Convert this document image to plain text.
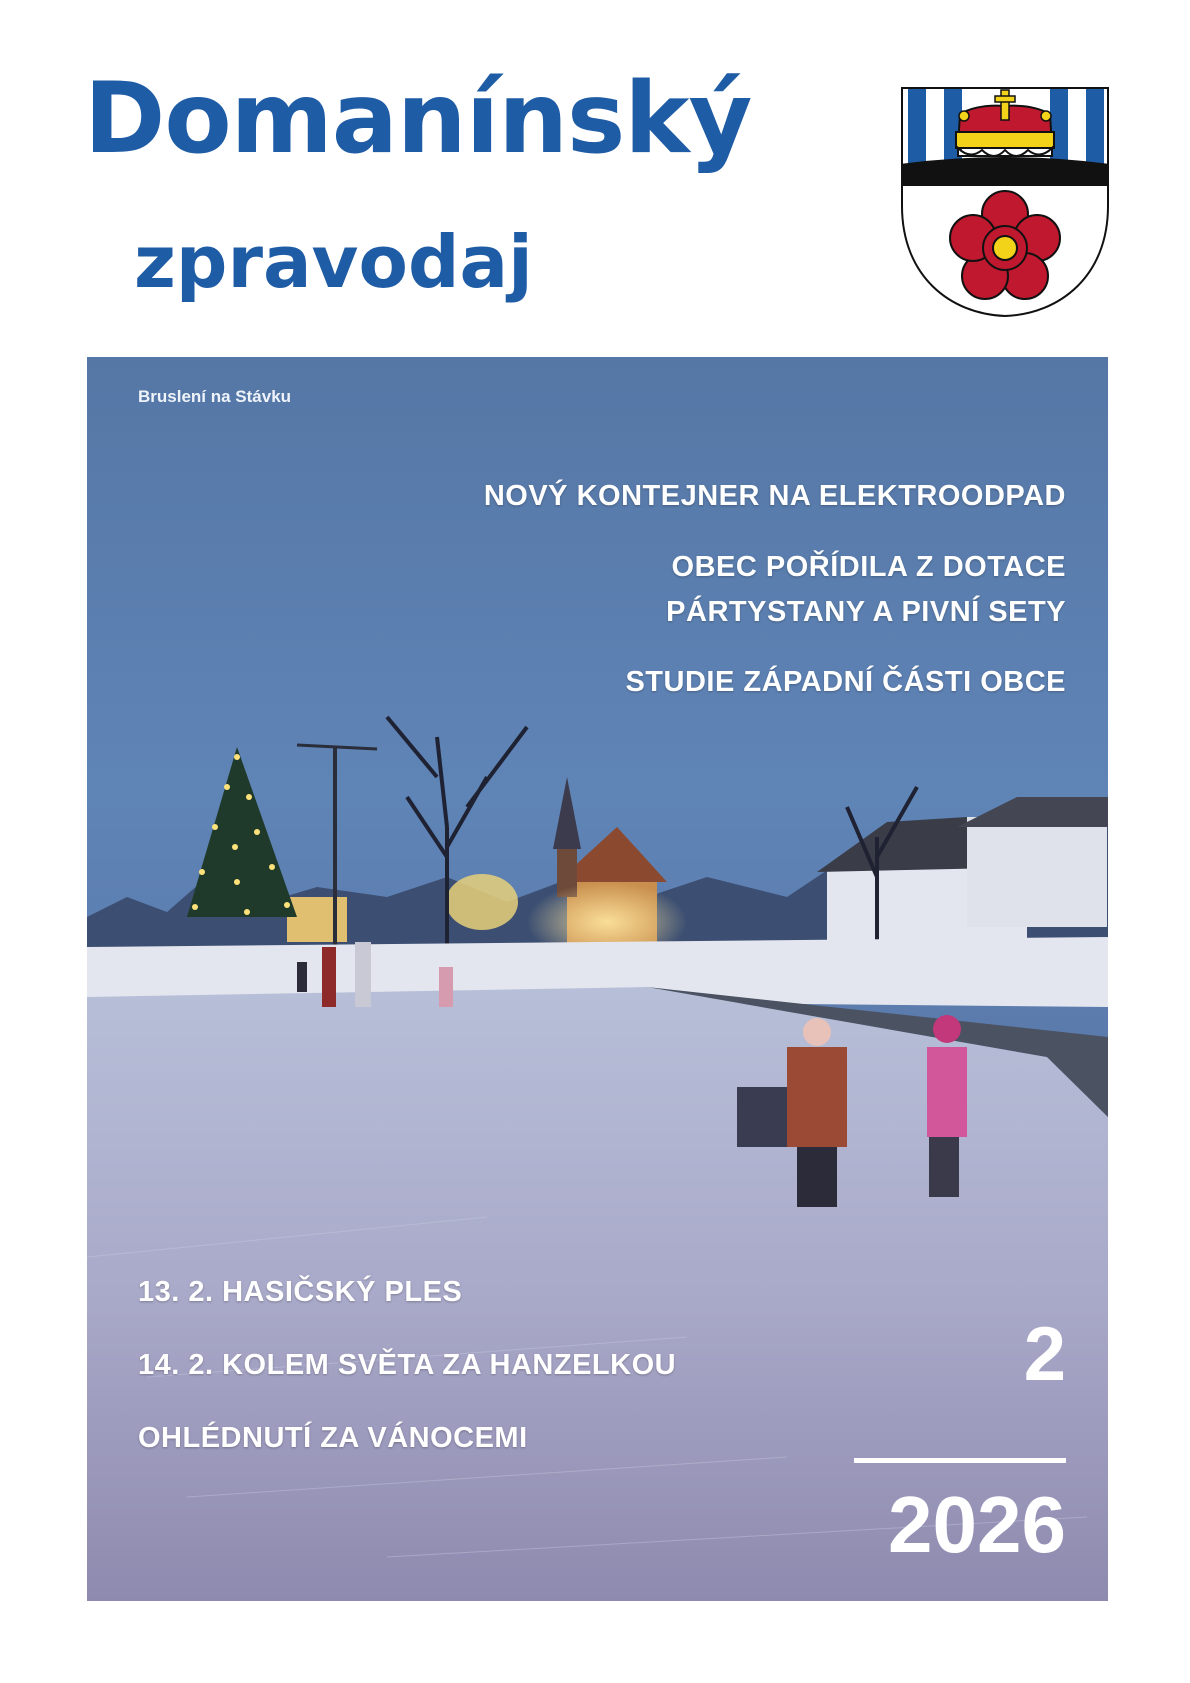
Domanínský
zpravodaj
Bruslení na Stávku

NOVÝ KONTEJNER NA ELEKTROODPAD

OBEC POŘÍDILA Z DOTACE
PÁRTYSTANY A PIVNÍ SETY

STUDIE ZÁPADNÍ ČÁSTI OBCE

13. 2. HASIČSKÝ PLES

14. 2. KOLEM SVĚTA ZA HANZELKOU

OHLÉDNUTÍ ZA VÁNOCEMI

2
2026
